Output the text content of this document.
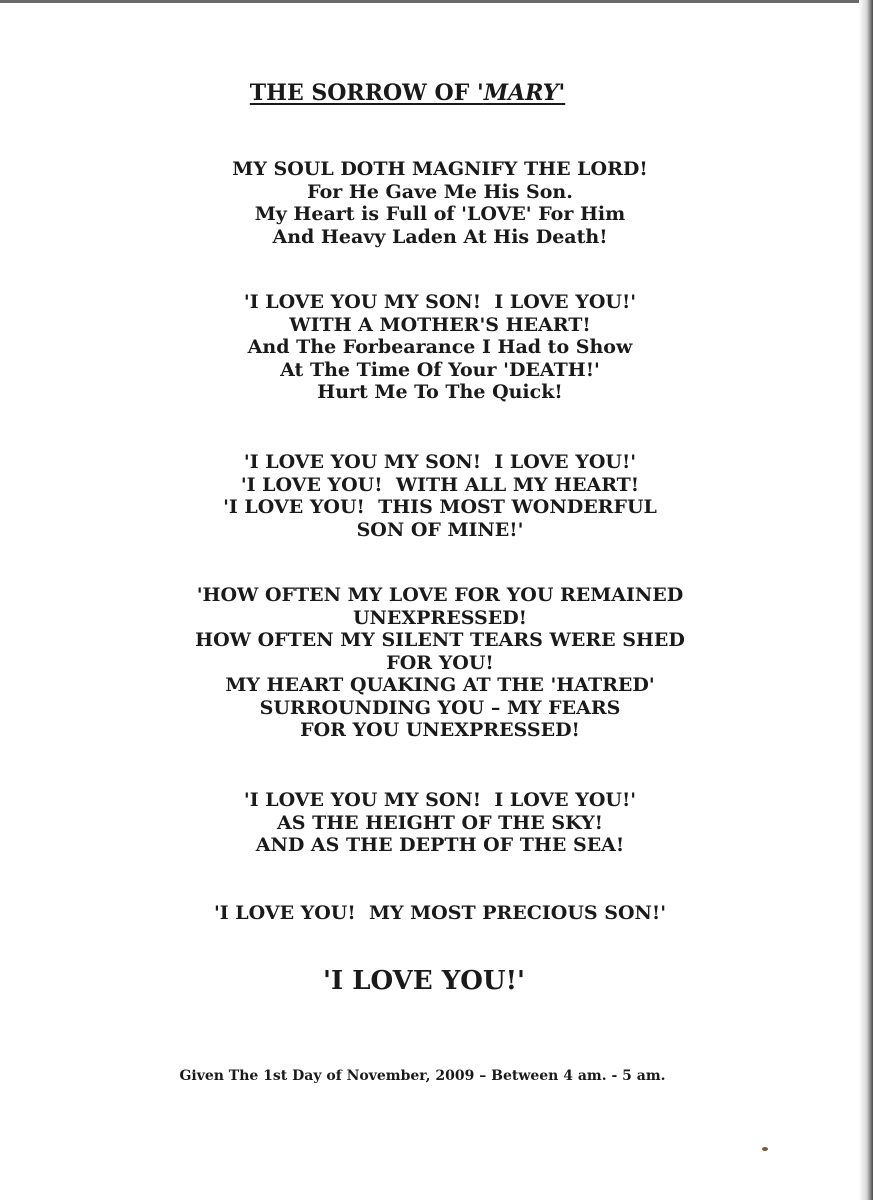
THE SORROW OF 'MARY'
MY SOUL DOTH MAGNIFY THE LORD!
For He Gave Me His Son.
My Heart is Full of 'LOVE' For Him
And Heavy Laden At His Death!
'I LOVE YOU MY SON!  I LOVE YOU!'
WITH A MOTHER'S HEART!
And The Forbearance I Had to Show
At The Time Of Your 'DEATH!'
Hurt Me To The Quick!
'I LOVE YOU MY SON!  I LOVE YOU!'
'I LOVE YOU!  WITH ALL MY HEART!
'I LOVE YOU!  THIS MOST WONDERFUL
SON OF MINE!'
'HOW OFTEN MY LOVE FOR YOU REMAINED
UNEXPRESSED!
HOW OFTEN MY SILENT TEARS WERE SHED
FOR YOU!
MY HEART QUAKING AT THE 'HATRED'
SURROUNDING YOU – MY FEARS
FOR YOU UNEXPRESSED!
'I LOVE YOU MY SON!  I LOVE YOU!'
AS THE HEIGHT OF THE SKY!
AND AS THE DEPTH OF THE SEA!
'I LOVE YOU!  MY MOST PRECIOUS SON!'
'I LOVE YOU!'
Given The 1st Day of November, 2009 – Between 4 am. - 5 am.
